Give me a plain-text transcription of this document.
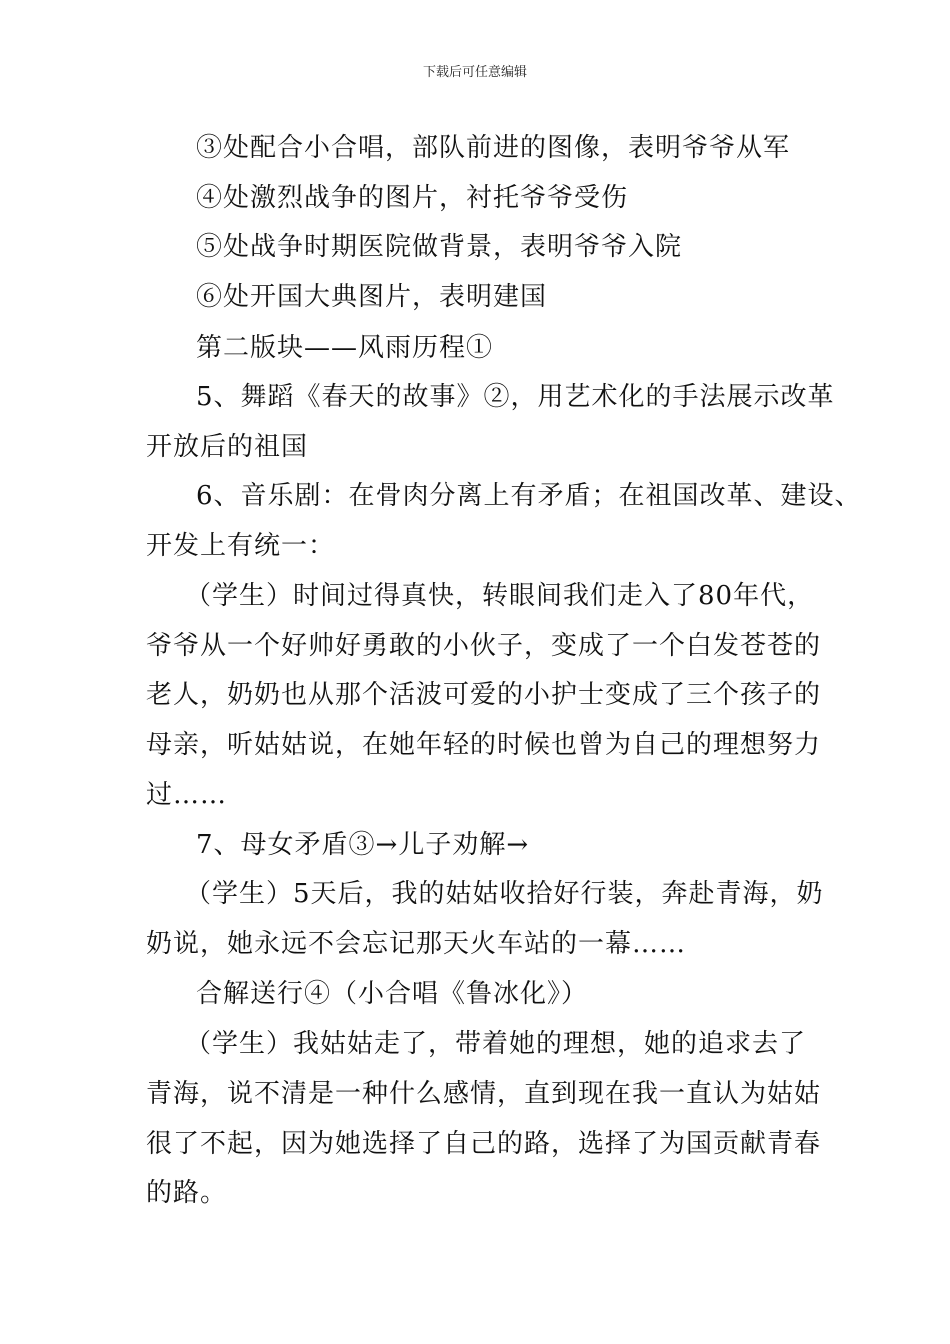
下载后可任意编辑
③处配合小合唱，部队前进的图像，表明爷爷从军
④处激烈战争的图片，衬托爷爷受伤
⑤处战争时期医院做背景，表明爷爷入院
⑥处开国大典图片，表明建国
第二版块——风雨历程①
5、舞蹈《春天的故事》②，用艺术化的手法展示改革
开放后的祖国
6、音乐剧：在骨肉分离上有矛盾；在祖国改革、建设、
开发上有统一：
（学生）时间过得真快，转眼间我们走入了80年代，
爷爷从一个好帅好勇敢的小伙子，变成了一个白发苍苍的
老人，奶奶也从那个活波可爱的小护士变成了三个孩子的
母亲，听姑姑说，在她年轻的时候也曾为自己的理想努力
过……
7、母女矛盾③→儿子劝解→
（学生）5天后，我的姑姑收拾好行装，奔赴青海，奶
奶说，她永远不会忘记那天火车站的一幕……
合解送行④（小合唱《鲁冰化》）
（学生）我姑姑走了，带着她的理想，她的追求去了
青海，说不清是一种什么感情，直到现在我一直认为姑姑
很了不起，因为她选择了自己的路，选择了为国贡献青春
的路。
